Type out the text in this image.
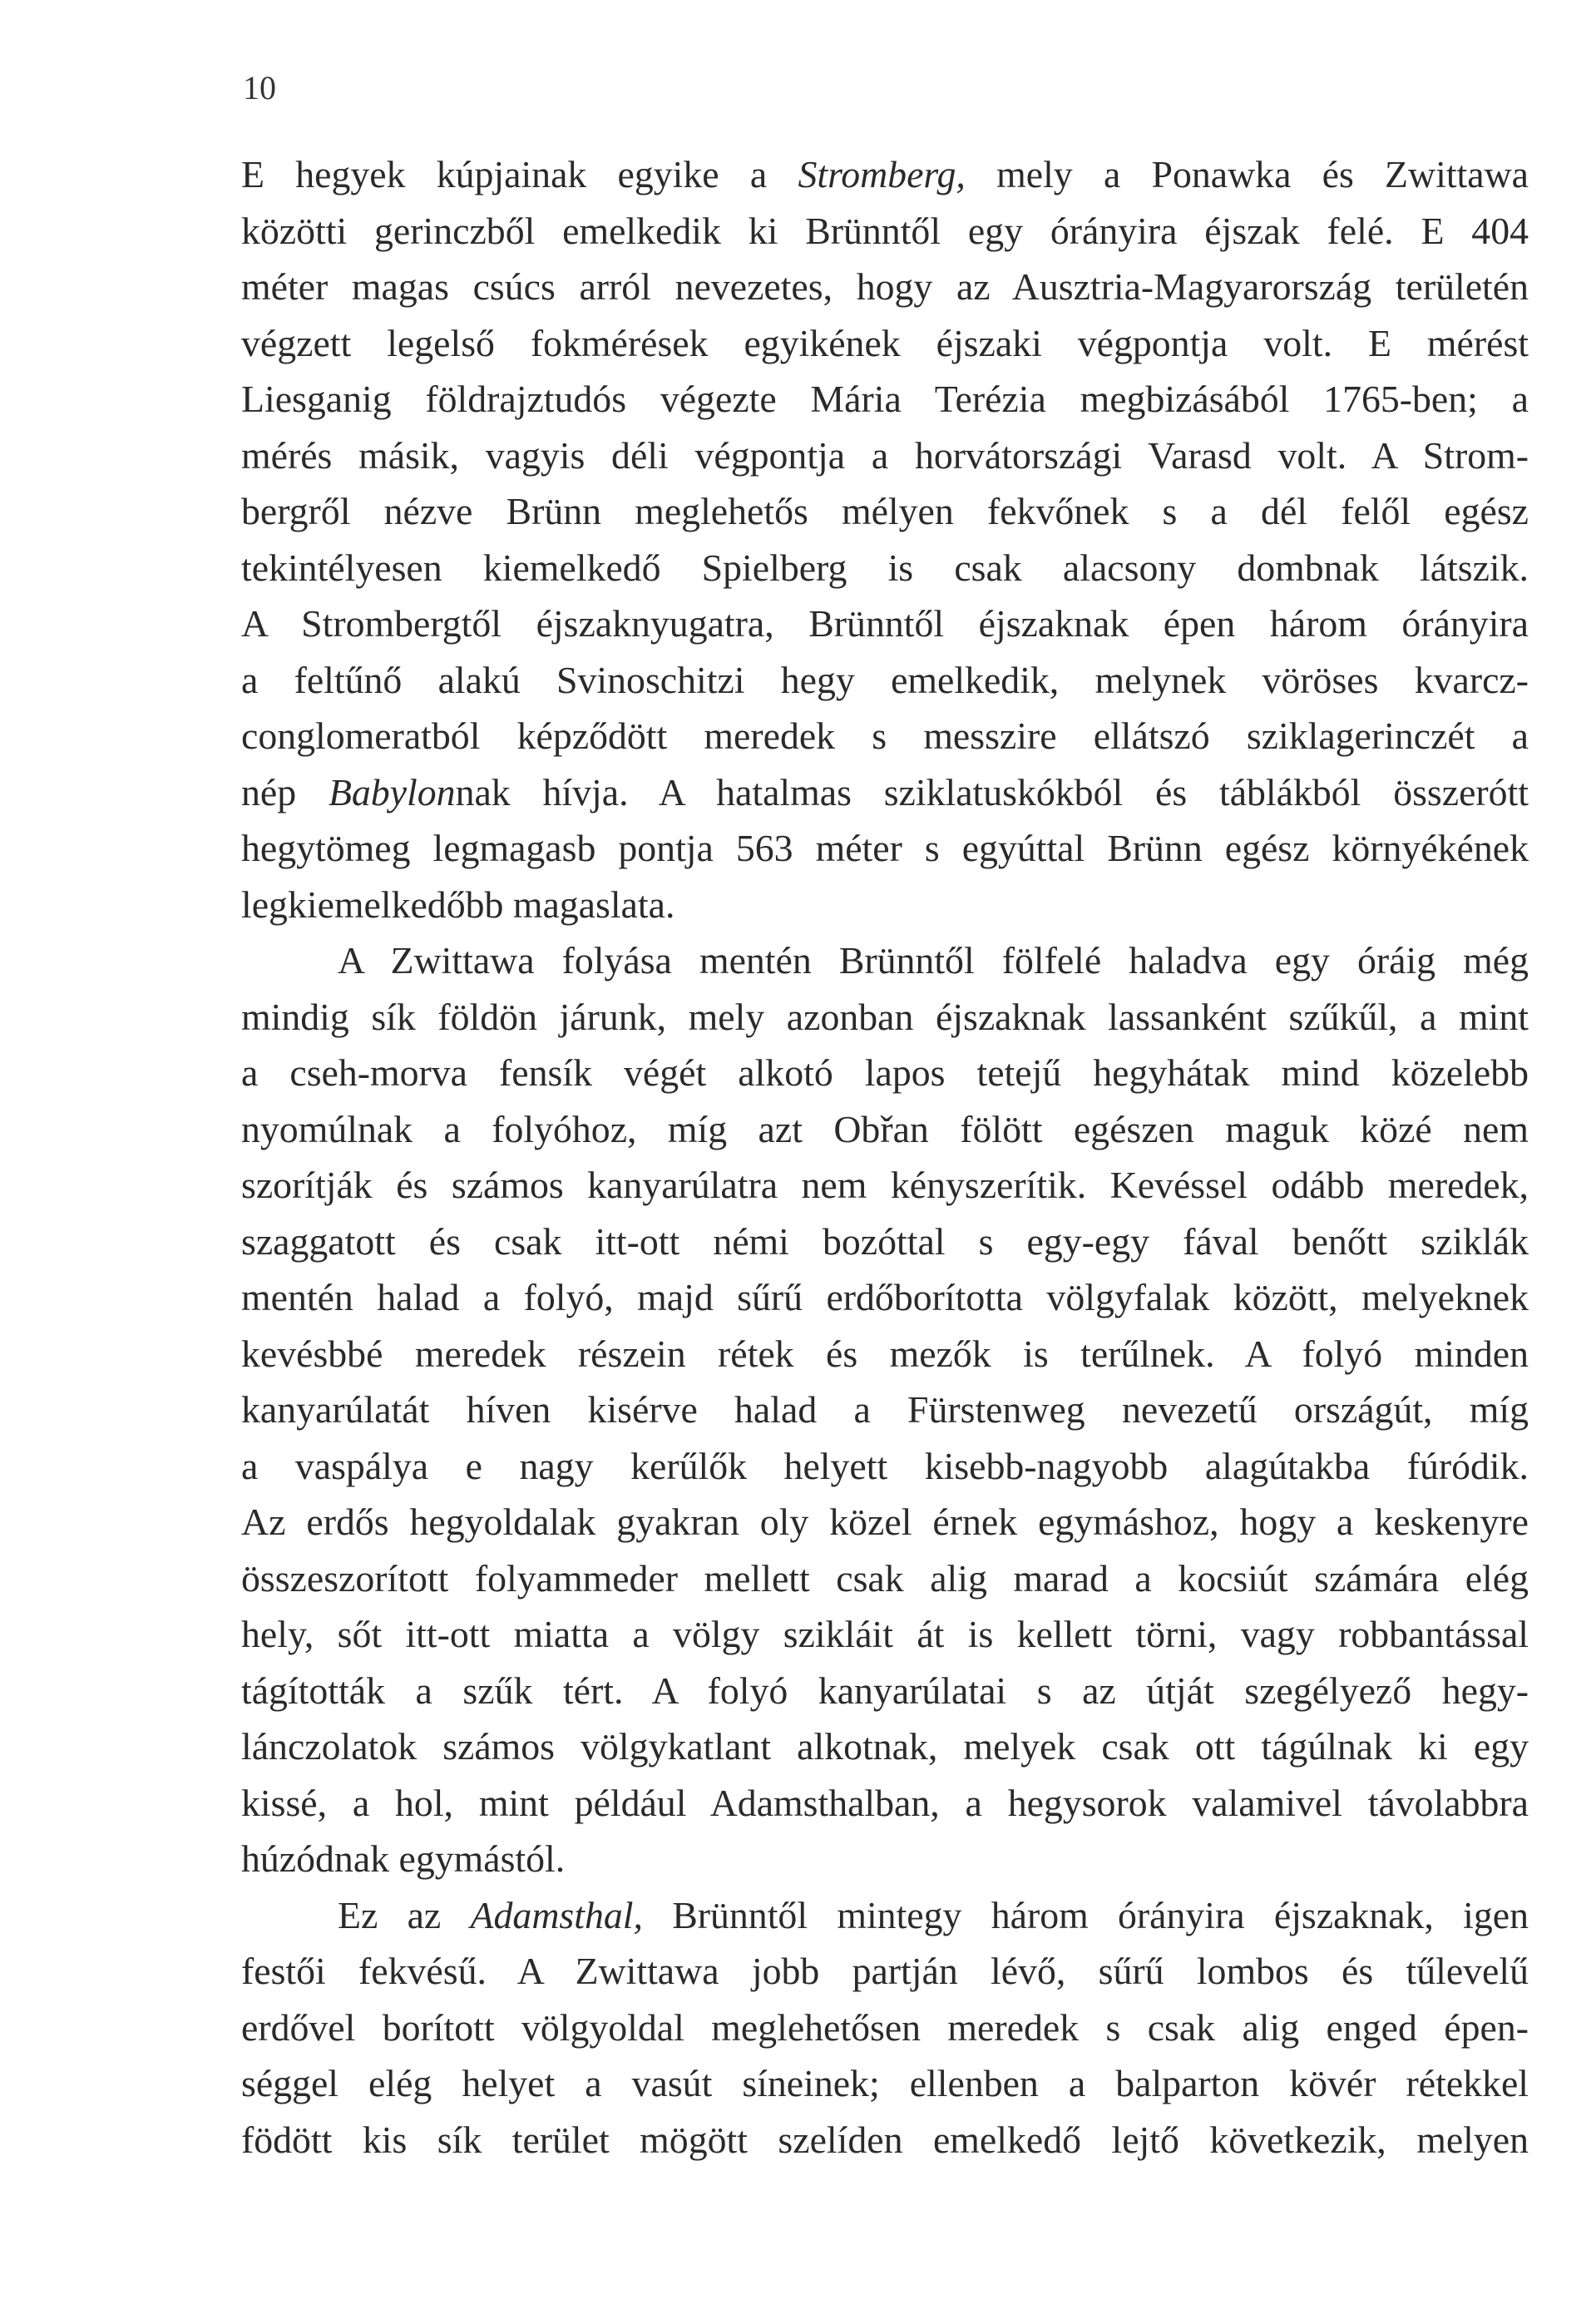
10
E hegyek kúpjainak egyike a Stromberg, mely a Ponawka és Zwittawa
közötti gerinczből emelkedik ki Brünntől egy órányira éjszak felé. E 404
méter magas csúcs arról nevezetes, hogy az Ausztria-Magyarország területén
végzett legelső fokmérések egyikének éjszaki végpontja volt. E mérést
Liesganig földrajztudós végezte Mária Terézia megbizásából 1765-ben; a
mérés másik, vagyis déli végpontja a horvátországi Varasd volt. A Strom-
bergről nézve Brünn meglehetős mélyen fekvőnek s a dél felől egész
tekintélyesen kiemelkedő Spielberg is csak alacsony dombnak látszik.
A Strombergtől éjszaknyugatra, Brünntől éjszaknak épen három órányira
a feltűnő alakú Svinoschitzi hegy emelkedik, melynek vöröses kvarcz-
conglomeratból képződött meredek s messzire ellátszó sziklagerinczét a
nép Babylonnak hívja. A hatalmas sziklatuskókból és táblákból összerótt
hegytömeg legmagasb pontja 563 méter s egyúttal Brünn egész környékének
legkiemelkedőbb magaslata.
A Zwittawa folyása mentén Brünntől fölfelé haladva egy óráig még
mindig sík földön járunk, mely azonban éjszaknak lassanként szűkűl, a mint
a cseh-morva fensík végét alkotó lapos tetejű hegyhátak mind közelebb
nyomúlnak a folyóhoz, míg azt Obřan fölött egészen maguk közé nem
szorítják és számos kanyarúlatra nem kényszerítik. Kevéssel odább meredek,
szaggatott és csak itt-ott némi bozóttal s egy-egy fával benőtt sziklák
mentén halad a folyó, majd sűrű erdőborította völgyfalak között, melyeknek
kevésbbé meredek részein rétek és mezők is terűlnek. A folyó minden
kanyarúlatát híven kisérve halad a Fürstenweg nevezetű országút, míg
a vaspálya e nagy kerűlők helyett kisebb-nagyobb alagútakba fúródik.
Az erdős hegyoldalak gyakran oly közel érnek egymáshoz, hogy a keskenyre
összeszorított folyammeder mellett csak alig marad a kocsiút számára elég
hely, sőt itt-ott miatta a völgy szikláit át is kellett törni, vagy robbantással
tágították a szűk tért. A folyó kanyarúlatai s az útját szegélyező hegy-
lánczolatok számos völgykatlant alkotnak, melyek csak ott tágúlnak ki egy
kissé, a hol, mint például Adamsthalban, a hegysorok valamivel távolabbra
húzódnak egymástól.
Ez az Adamsthal, Brünntől mintegy három órányira éjszaknak, igen
festői fekvésű. A Zwittawa jobb partján lévő, sűrű lombos és tűlevelű
erdővel borított völgyoldal meglehetősen meredek s csak alig enged épen-
séggel elég helyet a vasút síneinek; ellenben a balparton kövér rétekkel
födött kis sík terület mögött szelíden emelkedő lejtő következik, melyen
